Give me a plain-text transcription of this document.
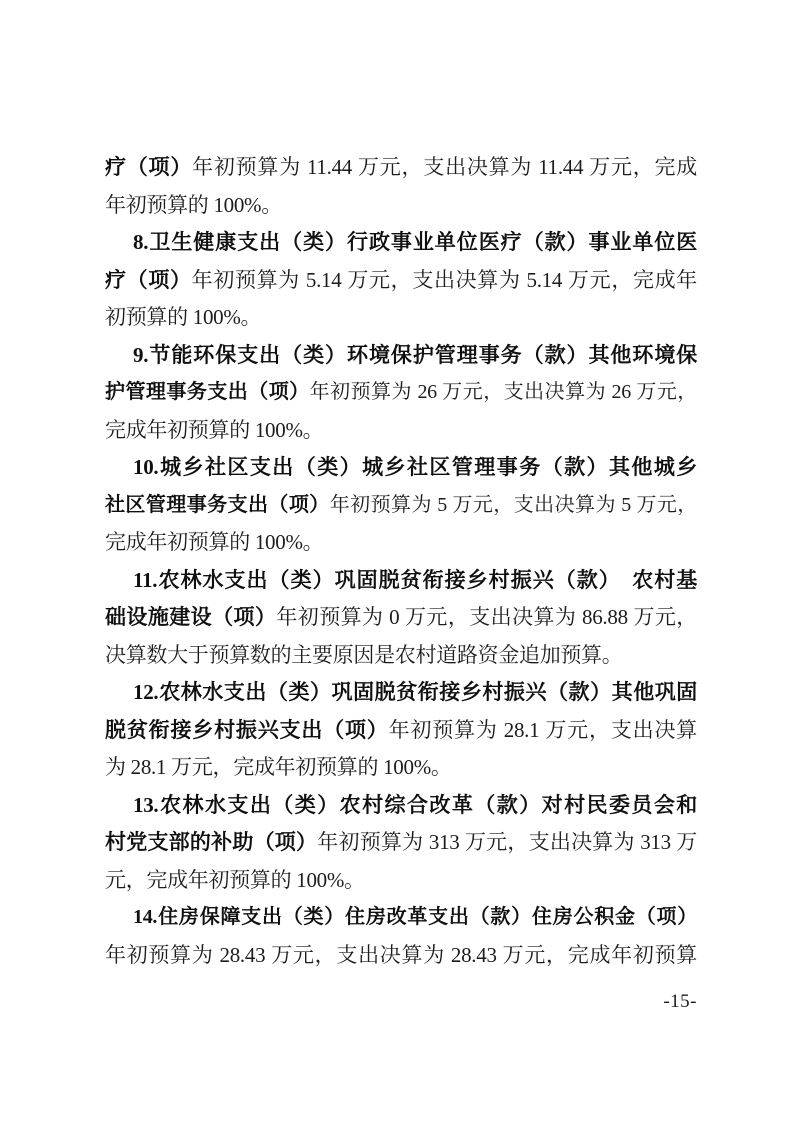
疗（项）年初预算为 11.44 万元，支出决算为 11.44 万元，完成
年初预算的 100%。
8.卫生健康支出（类）行政事业单位医疗（款）事业单位医
疗（项）年初预算为 5.14 万元，支出决算为 5.14 万元，完成年
初预算的 100%。
9.节能环保支出（类）环境保护管理事务（款）其他环境保
护管理事务支出（项）年初预算为 26 万元，支出决算为 26 万元，
完成年初预算的 100%。
10.城乡社区支出（类）城乡社区管理事务（款）其他城乡
社区管理事务支出（项）年初预算为 5 万元，支出决算为 5 万元，
完成年初预算的 100%。
11.农林水支出（类）巩固脱贫衔接乡村振兴（款）　农村基
础设施建设（项）年初预算为 0 万元，支出决算为 86.88 万元，
决算数大于预算数的主要原因是农村道路资金追加预算。
12.农林水支出（类）巩固脱贫衔接乡村振兴（款）其他巩固
脱贫衔接乡村振兴支出（项）年初预算为 28.1 万元，支出决算
为 28.1 万元，完成年初预算的 100%。
13.农林水支出（类）农村综合改革（款）对村民委员会和
村党支部的补助（项）年初预算为 313 万元，支出决算为 313 万
元，完成年初预算的 100%。
14.住房保障支出（类）住房改革支出（款）住房公积金（项）
年初预算为 28.43 万元，支出决算为 28.43 万元，完成年初预算
-15-
